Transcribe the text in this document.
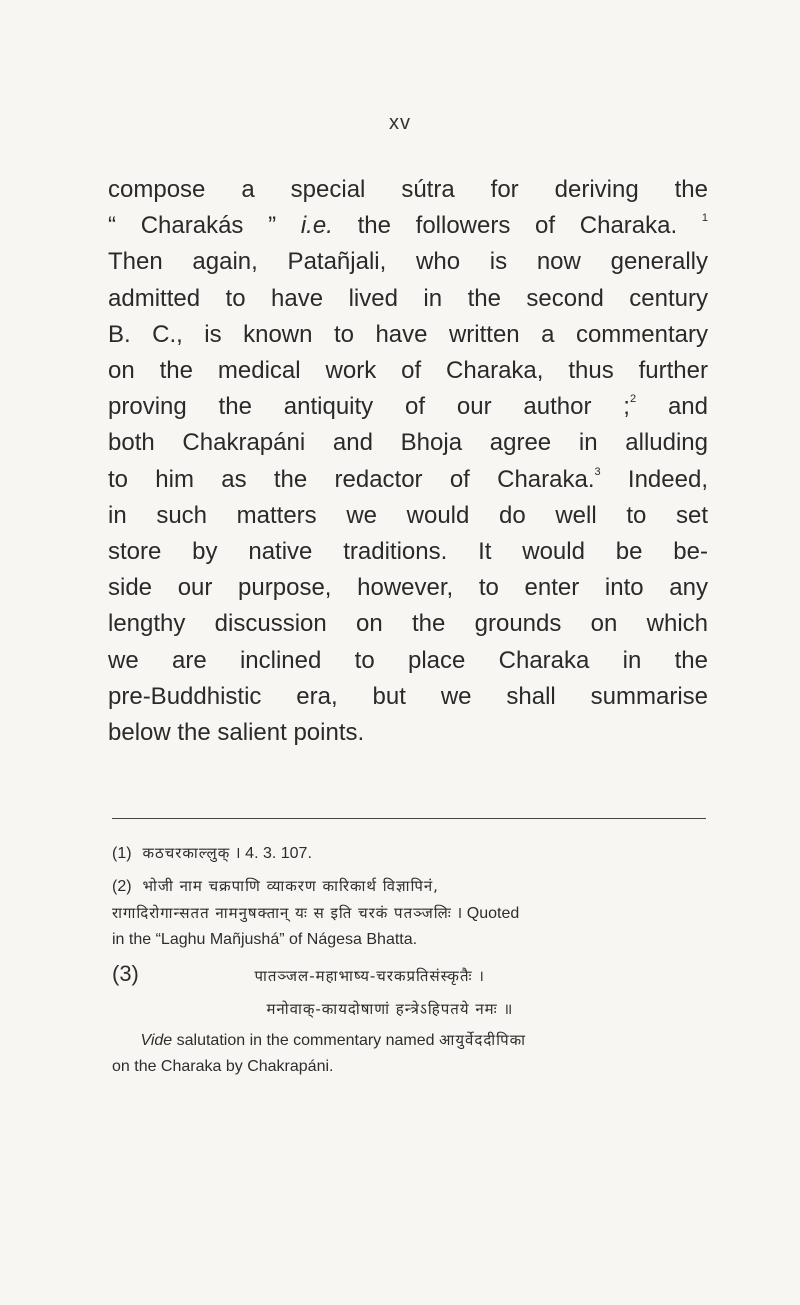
xv
compose a special sútra for deriving the
“ Charakás ” i.e. the followers of Charaka. $^1$
Then again, Patañjali, who is now generally
admitted to have lived in the second century
B. C., is known to have written a commentary
on the medical work of Charaka, thus further
proving the antiquity of our author ;$^2$ and
both Chakrapáni and Bhoja agree in alluding
to him as the redactor of Charaka.$^3$ Indeed,
in such matters we would do well to set
store by native traditions. It would be be-
side our purpose, however, to enter into any
lengthy discussion on the grounds on which
we are inclined to place Charaka in the
pre-Buddhistic era, but we shall summarise
below the salient points.
(1) कठचरकाल्लुक् । 4. 3. 107.
(2) भोजी नाम चक्रपाणि व्याकरण कारिकार्थ विज्ञापिनं,
रागादिरोगान्सतत नामनुषक्तान् यः स इति चरकं पतञ्जलिः । Quoted
in the “Laghu Mañjushá” of Nágesa Bhatta.
(3)	पातञ्जल-महाभाष्य-चरकप्रतिसंस्कृतैः ।
मनोवाक्-कायदोषाणां हन्त्रेऽहिपतये नमः ॥
Vide salutation in the commentary named आयुर्वेददीपिका
on the Charaka by Chakrapáni.
